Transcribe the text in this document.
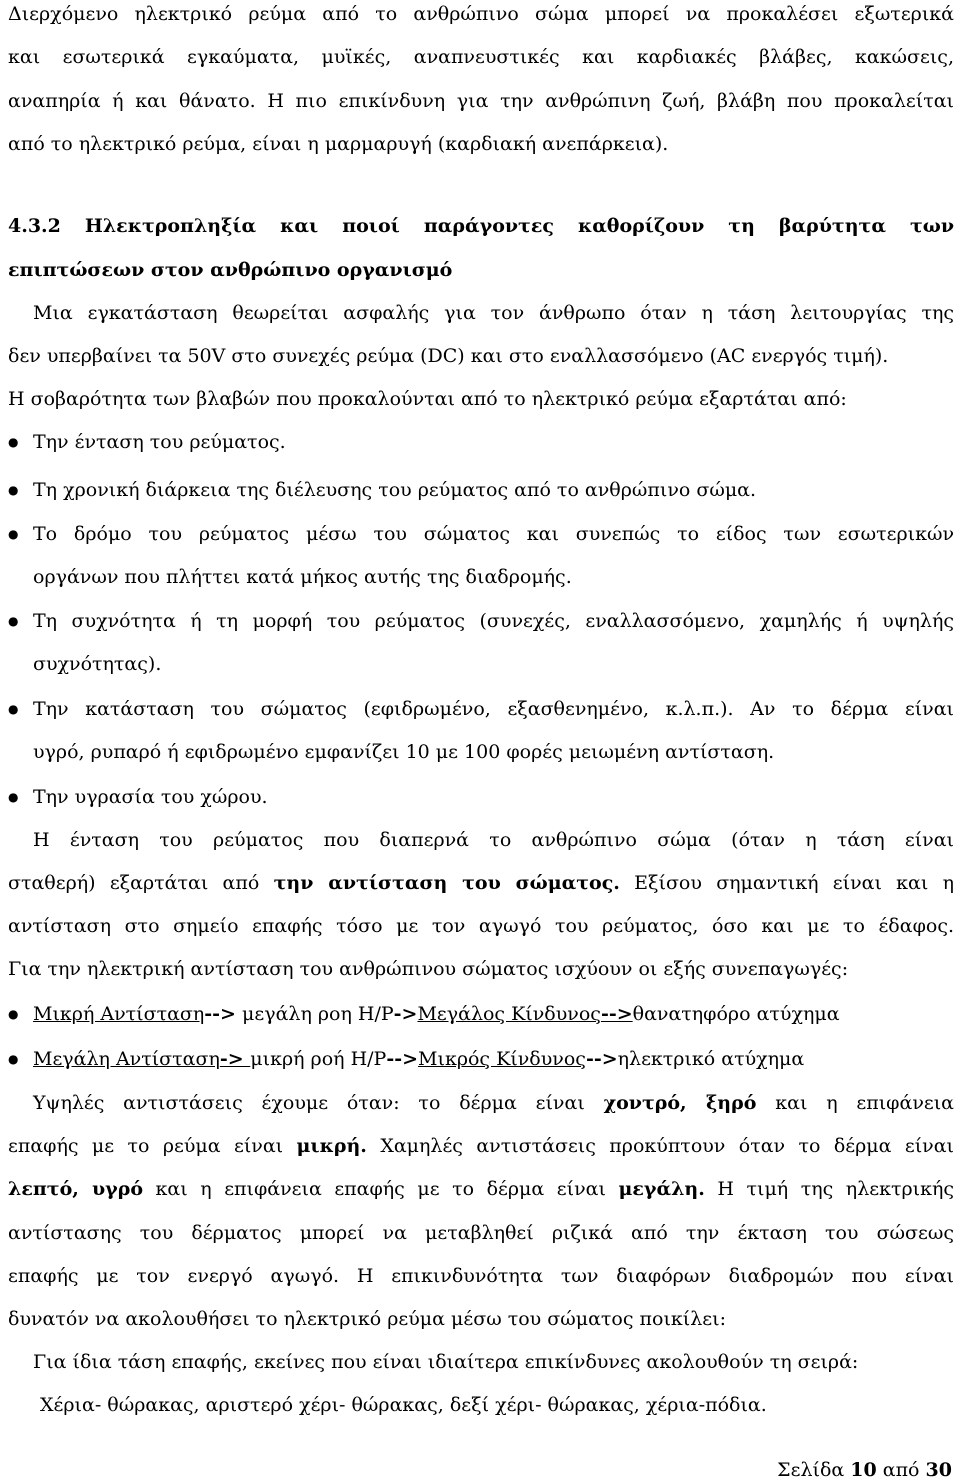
Διερχόμενο ηλεκτρικό ρεύμα από το ανθρώπινο σώμα μπορεί να προκαλέσει εξωτερικά
και εσωτερικά εγκαύματα, μυϊκές, αναπνευστικές και καρδιακές βλάβες, κακώσεις,
αναπηρία ή και θάνατο. Η πιο επικίνδυνη για την ανθρώπινη ζωή, βλάβη που προκαλείται
από το ηλεκτρικό ρεύμα, είναι η μαρμαρυγή (καρδιακή ανεπάρκεια).
4.3.2 Ηλεκτροπληξία και ποιοί παράγοντες καθορίζουν τη βαρύτητα των
επιπτώσεων στον ανθρώπινο οργανισμό
Μια εγκατάσταση θεωρείται ασφαλής για τον άνθρωπο όταν η τάση λειτουργίας της
δεν υπερβαίνει τα 50V στο συνεχές ρεύμα (DC) και στο εναλλασσόμενο (AC ενεργός τιμή).
Η σοβαρότητα των βλαβών που προκαλούνται από το ηλεκτρικό ρεύμα εξαρτάται από:
● Την ένταση του ρεύματος.
● Τη χρονική διάρκεια της διέλευσης του ρεύματος από το ανθρώπινο σώμα.
● Το δρόμο του ρεύματος μέσω του σώματος και συνεπώς το είδος των εσωτερικών
οργάνων που πλήττει κατά μήκος αυτής της διαδρομής.
● Τη συχνότητα ή τη μορφή του ρεύματος (συνεχές, εναλλασσόμενο, χαμηλής ή υψηλής
συχνότητας).
● Την κατάσταση του σώματος (εφιδρωμένο, εξασθενημένο, κ.λ.π.). Αν το δέρμα είναι
υγρό, ρυπαρό ή εφιδρωμένο εμφανίζει 10 με 100 φορές μειωμένη αντίσταση.
● Την υγρασία του χώρου.
Η ένταση του ρεύματος που διαπερνά το ανθρώπινο σώμα (όταν η τάση είναι
σταθερή) εξαρτάται από την αντίσταση του σώματος. Εξίσου σημαντική είναι και η
αντίσταση στο σημείο επαφής τόσο με τον αγωγό του ρεύματος, όσο και με το έδαφος.
Για την ηλεκτρική αντίσταση του ανθρώπινου σώματος ισχύουν οι εξής συνεπαγωγές:
● Μικρή Αντίσταση--> μεγάλη ροη Η/Ρ->Μεγάλος Κίνδυνος-->θανατηφόρο ατύχημα
● Μεγάλη Αντίσταση-> μικρή ροή Η/Ρ-->Μικρός Κίνδυνος-->ηλεκτρικό ατύχημα
Υψηλές αντιστάσεις έχουμε όταν: το δέρμα είναι χοντρό, ξηρό και η επιφάνεια
επαφής με το ρεύμα είναι μικρή. Χαμηλές αντιστάσεις προκύπτουν όταν το δέρμα είναι
λεπτό, υγρό και η επιφάνεια επαφής με το δέρμα είναι μεγάλη. Η τιμή της ηλεκτρικής
αντίστασης του δέρματος μπορεί να μεταβληθεί ριζικά από την έκταση του σώσεως
επαφής με τον ενεργό αγωγό. Η επικινδυνότητα των διαφόρων διαδρομών που είναι
δυνατόν να ακολουθήσει το ηλεκτρικό ρεύμα μέσω του σώματος ποικίλει:
Για ίδια τάση επαφής, εκείνες που είναι ιδιαίτερα επικίνδυνες ακολουθούν τη σειρά:
Χέρια- θώρακας, αριστερό χέρι- θώρακας, δεξί χέρι- θώρακας, χέρια-πόδια.
Σελίδα 10 από 30
